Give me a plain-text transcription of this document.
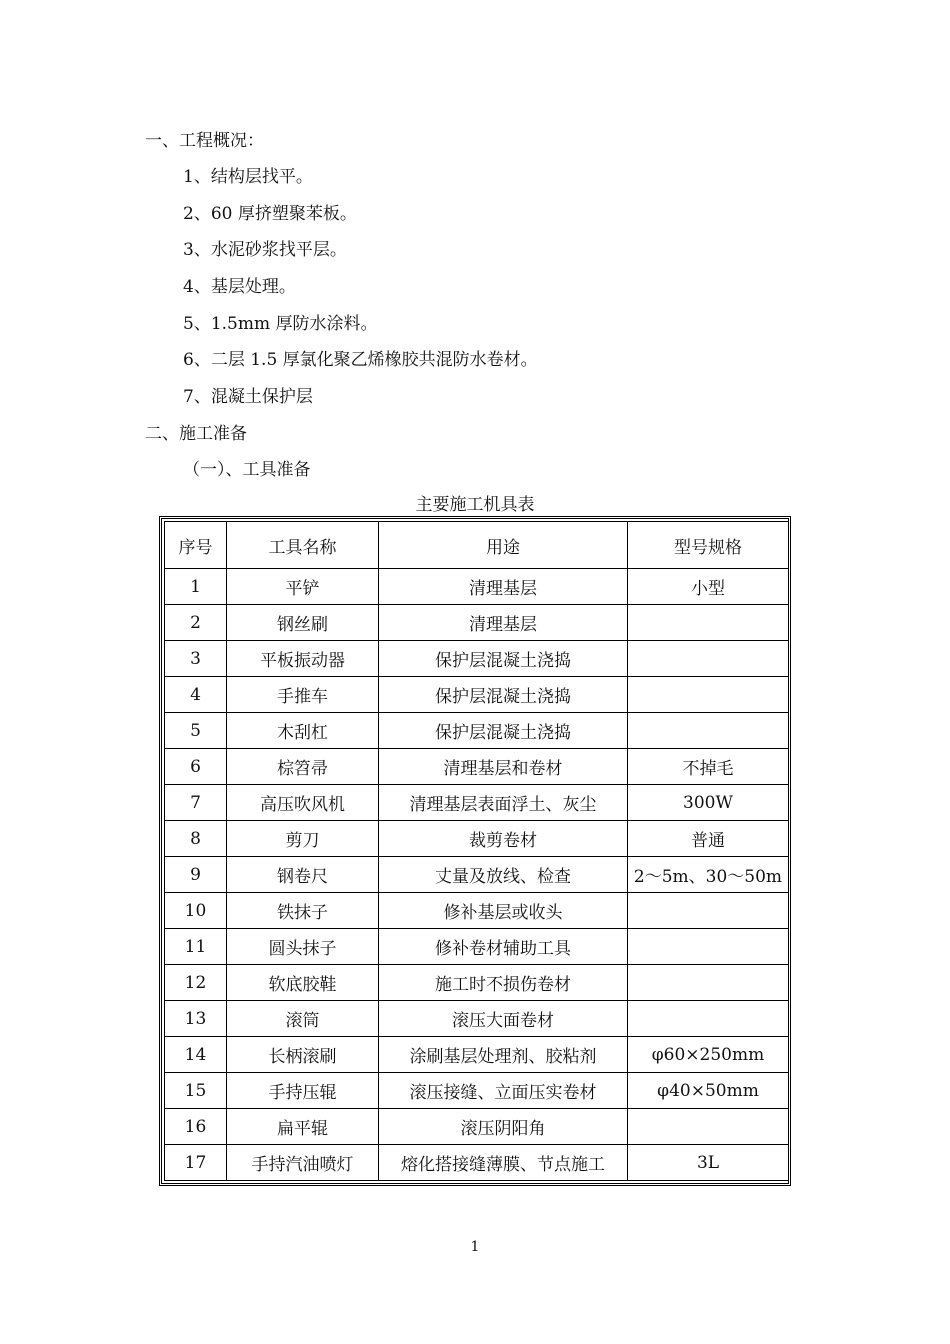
一、工程概况：
1、结构层找平。
2、60 厚挤塑聚苯板。
3、水泥砂浆找平层。
4、基层处理。
5、1.5mm 厚防水涂料。
6、二层 1.5 厚氯化聚乙烯橡胶共混防水卷材。
7、混凝土保护层
二、施工准备
（一）、工具准备
主要施工机具表
序号	工具名称	用途	型号规格
1	平铲	清理基层	小型
2	钢丝刷	清理基层	
3	平板振动器	保护层混凝土浇捣	
4	手推车	保护层混凝土浇捣	
5	木刮杠	保护层混凝土浇捣	
6	棕笤帚	清理基层和卷材	不掉毛
7	高压吹风机	清理基层表面浮土、灰尘	300W
8	剪刀	裁剪卷材	普通
9	钢卷尺	丈量及放线、检查	2～5m、30～50m
10	铁抹子	修补基层或收头	
11	圆头抹子	修补卷材辅助工具	
12	软底胶鞋	施工时不损伤卷材	
13	滚筒	滚压大面卷材	
14	长柄滚刷	涂刷基层处理剂、胶粘剂	φ60×250mm
15	手持压辊	滚压接缝、立面压实卷材	φ40×50mm
16	扁平辊	滚压阴阳角	
17	手持汽油喷灯	熔化搭接缝薄膜、节点施工	3L
1
